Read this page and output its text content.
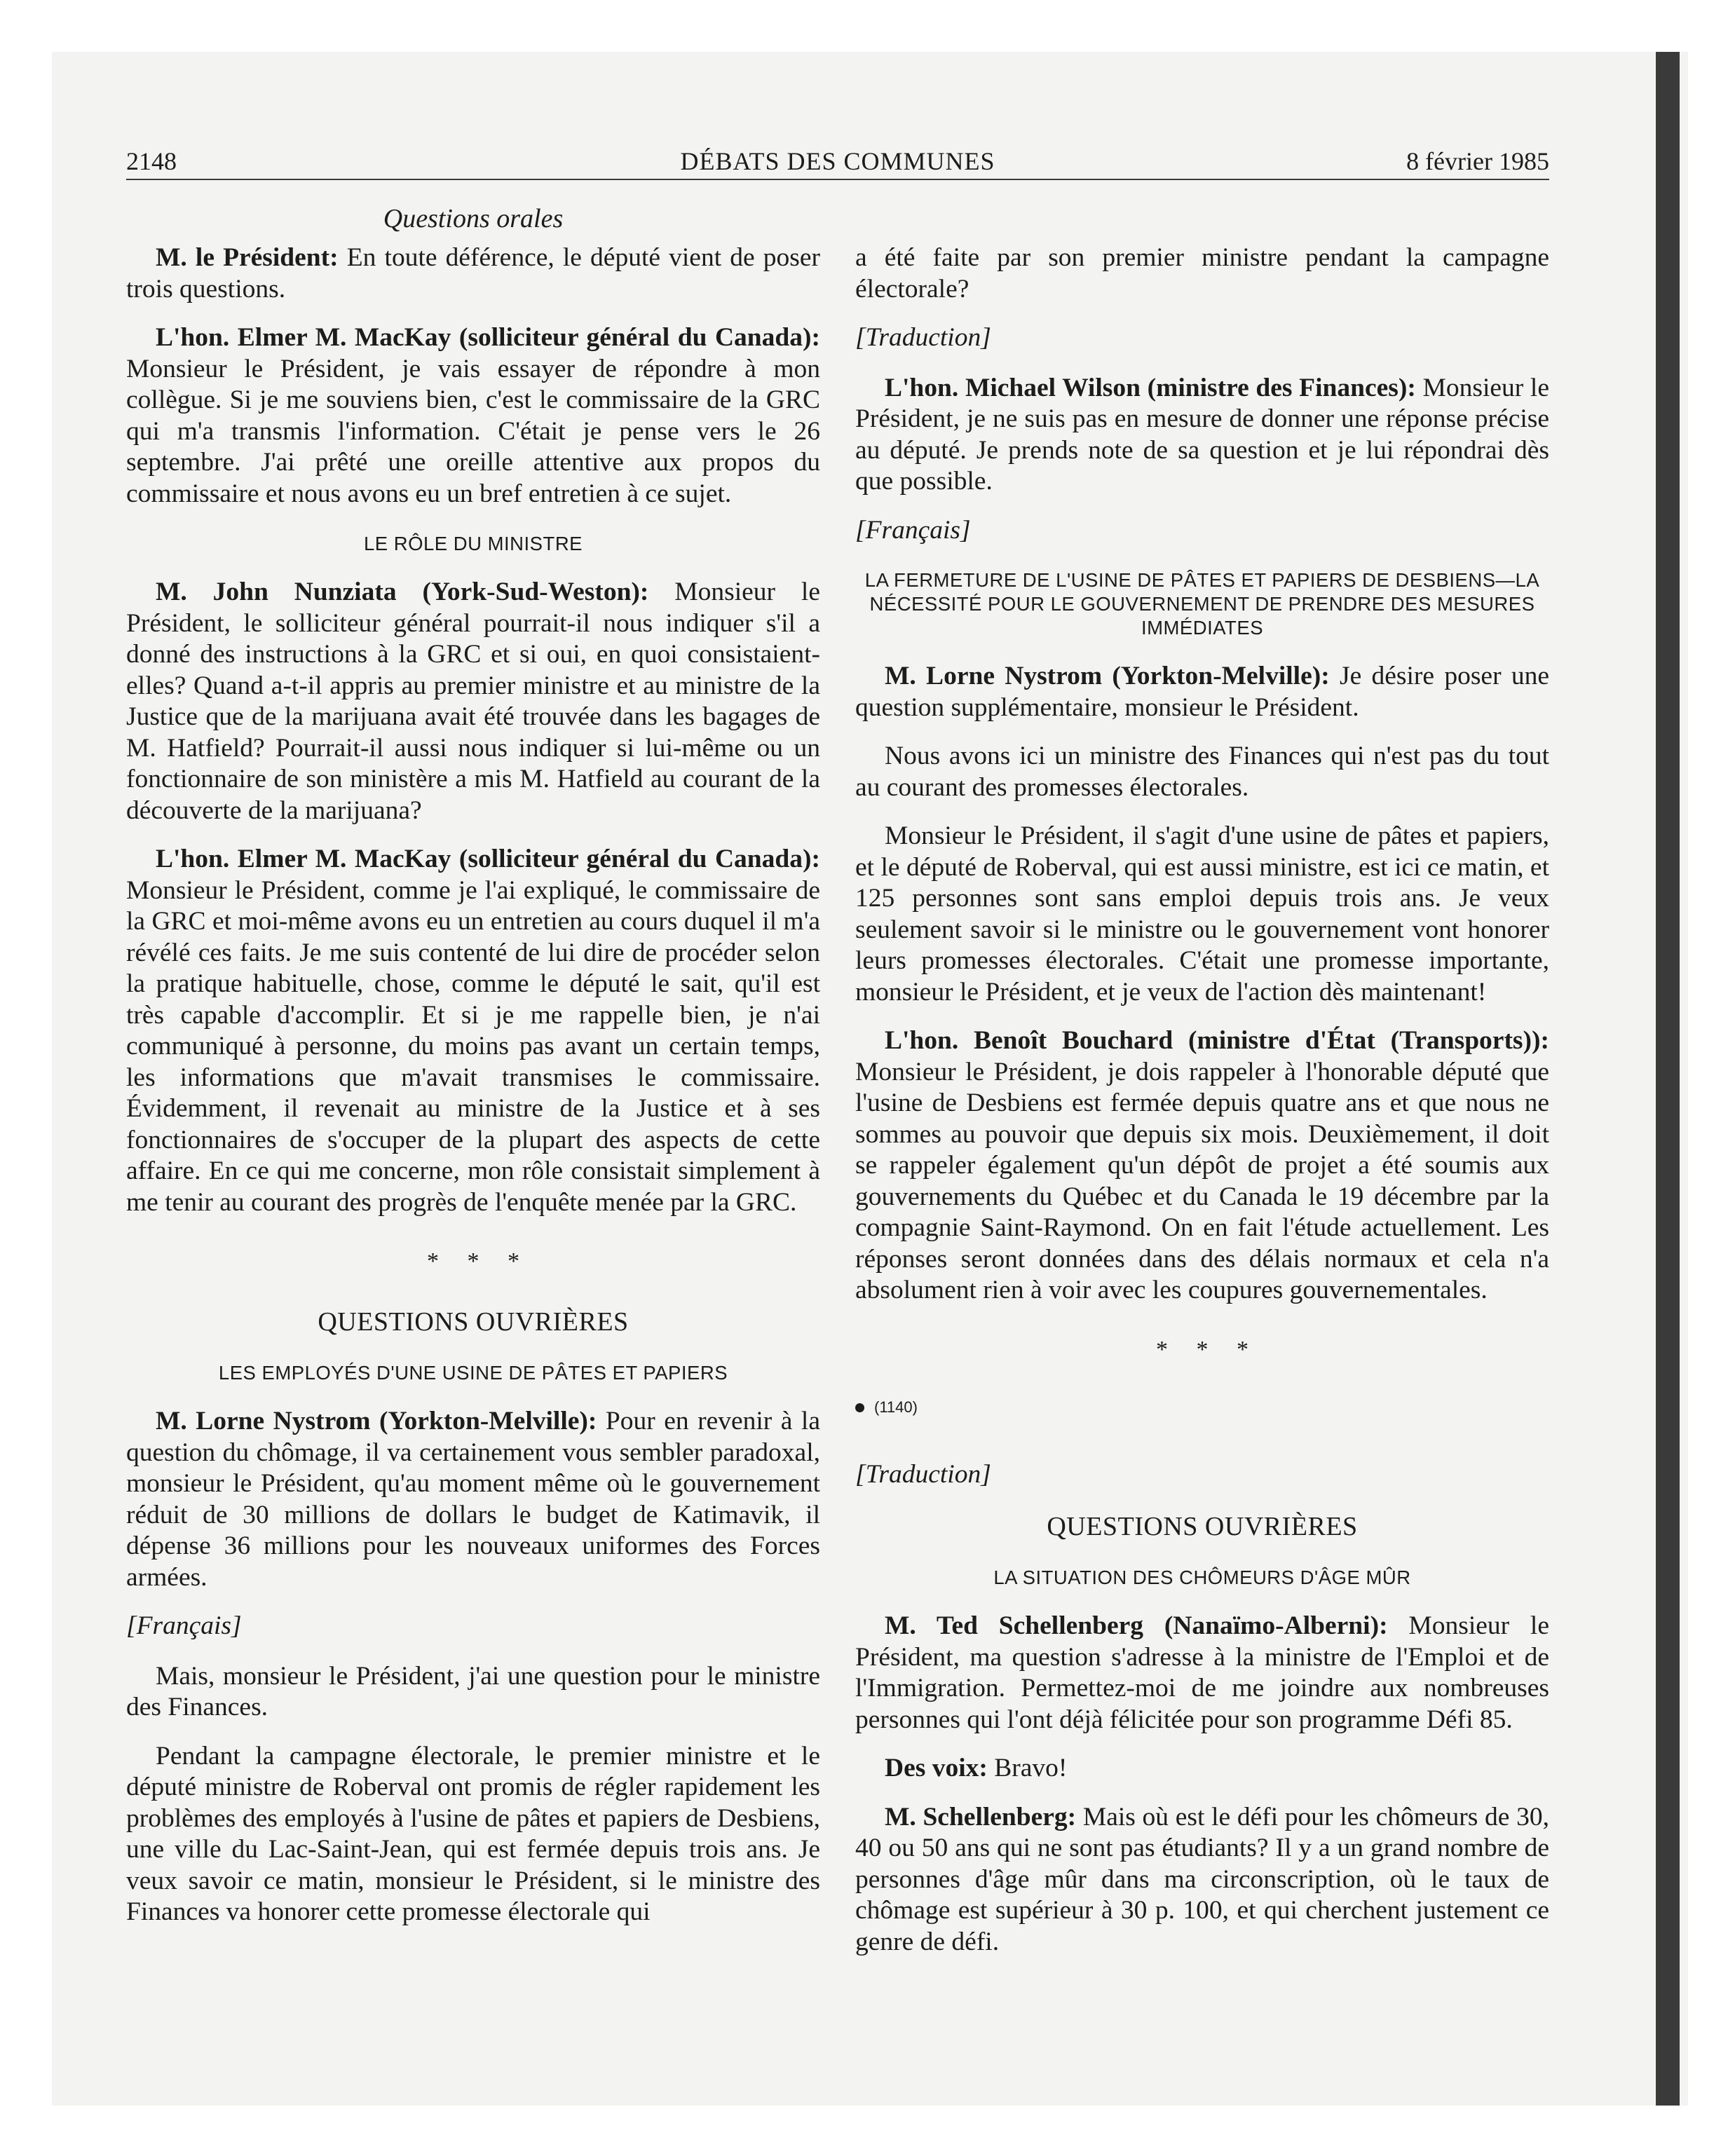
DÉBATS DES COMMUNES
2148	8 février 1985
Questions orales

M. le Président: En toute déférence, le député vient de poser trois questions.

L'hon. Elmer M. MacKay (solliciteur général du Canada): Monsieur le Président, je vais essayer de répondre à mon collègue. Si je me souviens bien, c'est le commissaire de la GRC qui m'a transmis l'information. C'était je pense vers le 26 septembre. J'ai prêté une oreille attentive aux propos du commissaire et nous avons eu un bref entretien à ce sujet.

LE RÔLE DU MINISTRE

M. John Nunziata (York-Sud-Weston): Monsieur le Président, le solliciteur général pourrait-il nous indiquer s'il a donné des instructions à la GRC et si oui, en quoi consistaient-elles? Quand a-t-il appris au premier ministre et au ministre de la Justice que de la marijuana avait été trouvée dans les bagages de M. Hatfield? Pourrait-il aussi nous indiquer si lui-même ou un fonctionnaire de son ministère a mis M. Hatfield au courant de la découverte de la marijuana?

L'hon. Elmer M. MacKay (solliciteur général du Canada): Monsieur le Président, comme je l'ai expliqué, le commissaire de la GRC et moi-même avons eu un entretien au cours duquel il m'a révélé ces faits. Je me suis contenté de lui dire de procéder selon la pratique habituelle, chose, comme le député le sait, qu'il est très capable d'accomplir. Et si je me rappelle bien, je n'ai communiqué à personne, du moins pas avant un certain temps, les informations que m'avait transmises le commissaire. Évidemment, il revenait au ministre de la Justice et à ses fonctionnaires de s'occuper de la plupart des aspects de cette affaire. En ce qui me concerne, mon rôle consistait simplement à me tenir au courant des progrès de l'enquête menée par la GRC.

* * *
QUESTIONS OUVRIÈRES
LES EMPLOYÉS D'UNE USINE DE PÂTES ET PAPIERS

M. Lorne Nystrom (Yorkton-Melville): Pour en revenir à la question du chômage, il va certainement vous sembler paradoxal, monsieur le Président, qu'au moment même où le gouvernement réduit de 30 millions de dollars le budget de Katimavik, il dépense 36 millions pour les nouveaux uniformes des Forces armées.

[Français]

Mais, monsieur le Président, j'ai une question pour le ministre des Finances.

Pendant la campagne électorale, le premier ministre et le député ministre de Roberval ont promis de régler rapidement les problèmes des employés à l'usine de pâtes et papiers de Desbiens, une ville du Lac-Saint-Jean, qui est fermée depuis trois ans. Je veux savoir ce matin, monsieur le Président, si le ministre des Finances va honorer cette promesse électorale qui

a été faite par son premier ministre pendant la campagne électorale?

[Traduction]

L'hon. Michael Wilson (ministre des Finances): Monsieur le Président, je ne suis pas en mesure de donner une réponse précise au député. Je prends note de sa question et je lui répondrai dès que possible.

[Français]

LA FERMETURE DE L'USINE DE PÂTES ET PAPIERS DE DESBIENS—LA NÉCESSITÉ POUR LE GOUVERNEMENT DE PRENDRE DES MESURES IMMÉDIATES

M. Lorne Nystrom (Yorkton-Melville): Je désire poser une question supplémentaire, monsieur le Président.

Nous avons ici un ministre des Finances qui n'est pas du tout au courant des promesses électorales.

Monsieur le Président, il s'agit d'une usine de pâtes et papiers, et le député de Roberval, qui est aussi ministre, est ici ce matin, et 125 personnes sont sans emploi depuis trois ans. Je veux seulement savoir si le ministre ou le gouvernement vont honorer leurs promesses électorales. C'était une promesse importante, monsieur le Président, et je veux de l'action dès maintenant!

L'hon. Benoît Bouchard (ministre d'État (Transports)): Monsieur le Président, je dois rappeler à l'honorable député que l'usine de Desbiens est fermée depuis quatre ans et que nous ne sommes au pouvoir que depuis six mois. Deuxièmement, il doit se rappeler également qu'un dépôt de projet a été soumis aux gouvernements du Québec et du Canada le 19 décembre par la compagnie Saint-Raymond. On en fait l'étude actuellement. Les réponses seront données dans des délais normaux et cela n'a absolument rien à voir avec les coupures gouvernementales.

* * *
(1140)

[Traduction]

QUESTIONS OUVRIÈRES
LA SITUATION DES CHÔMEURS D'ÂGE MÛR

M. Ted Schellenberg (Nanaïmo-Alberni): Monsieur le Président, ma question s'adresse à la ministre de l'Emploi et de l'Immigration. Permettez-moi de me joindre aux nombreuses personnes qui l'ont déjà félicitée pour son programme Défi 85.

Des voix: Bravo!

M. Schellenberg: Mais où est le défi pour les chômeurs de 30, 40 ou 50 ans qui ne sont pas étudiants? Il y a un grand nombre de personnes d'âge mûr dans ma circonscription, où le taux de chômage est supérieur à 30 p. 100, et qui cherchent justement ce genre de défi.
